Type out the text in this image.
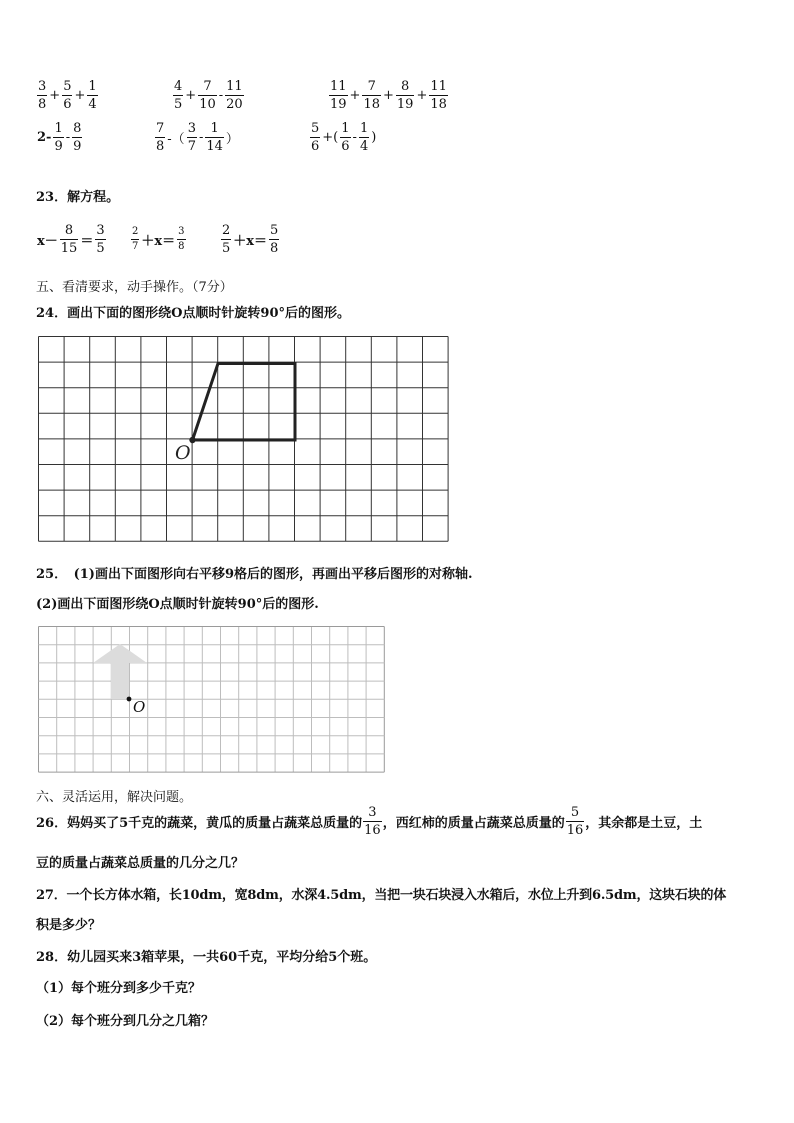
$\frac{3}{8} + \frac{5}{6} + \frac{1}{4}$	$\frac{4}{5} + \frac{7}{10} - \frac{11}{20}$	$\frac{11}{19} + \frac{7}{18} + \frac{8}{19} + \frac{11}{18}$
$2- \frac{1}{9} - \frac{8}{9}$	$\frac{7}{8}$ -（ $\frac{3}{7} - \frac{1}{14}$ ）	$\frac{5}{6}$ +( $\frac{1}{6} - \frac{1}{4}$ )
23．解方程。
$x- \frac{8}{15} = \frac{3}{5}$	$\frac{2}{7} +x= \frac{3}{8}$	$\frac{2}{5} +x= \frac{5}{8}$
五、看清要求，动手操作。（7分）
24．画出下面的图形绕O点顺时针旋转90°后的图形。
O
25．　(1)画出下面图形向右平移9格后的图形，再画出平移后图形的对称轴.
(2)画出下面图形绕O点顺时针旋转90°后的图形.
O
六、灵活运用，解决问题。
26．妈妈买了5千克的蔬菜，黄瓜的质量占蔬菜总质量的 $\frac{3}{16}$ ，西红柿的质量占蔬菜总质量的 $\frac{5}{16}$ ，其余都是土豆，土
豆的质量占蔬菜总质量的几分之几？
27．一个长方体水箱，长10dm，宽8dm，水深4.5dm，当把一块石块浸入水箱后，水位上升到6.5dm，这块石块的体
积是多少？
28．幼儿园买来3箱苹果，一共60千克，平均分给5个班。
（1）每个班分到多少千克？
（2）每个班分到几分之几箱？
